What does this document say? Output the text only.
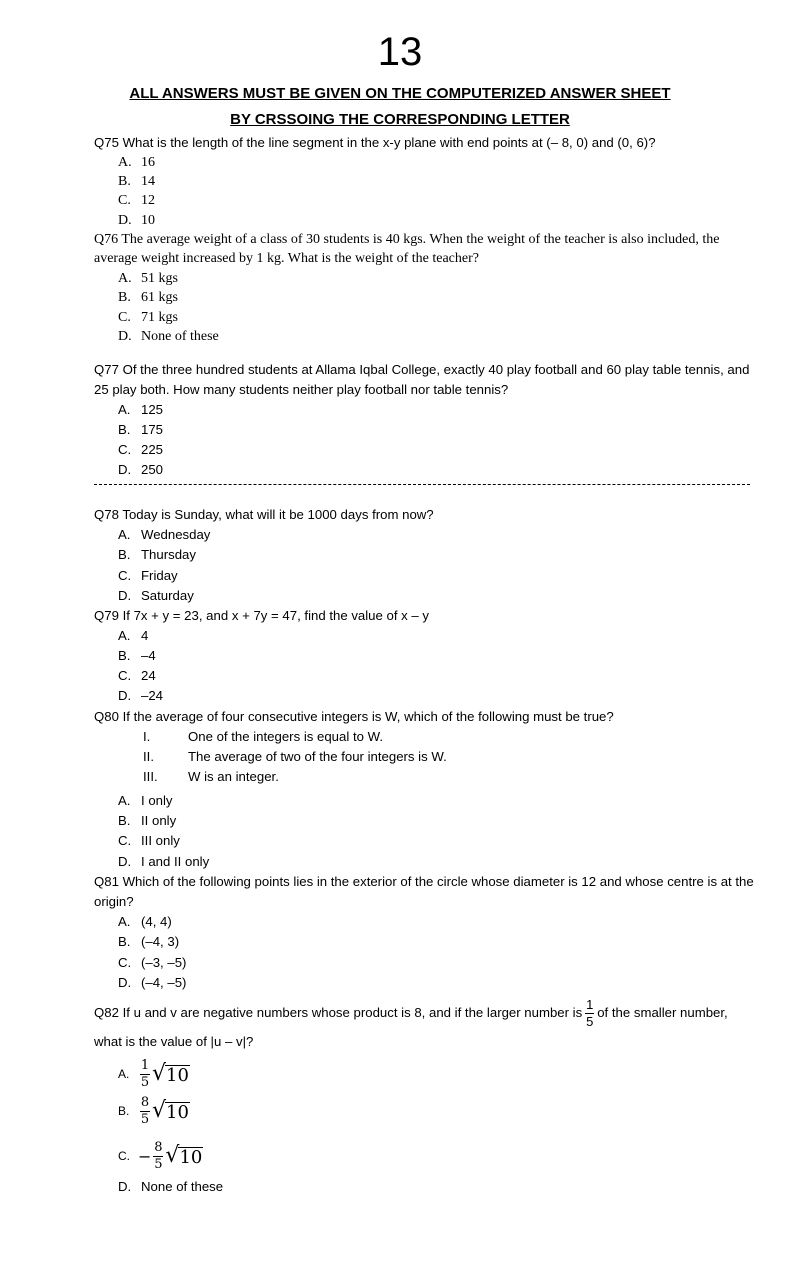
13
ALL ANSWERS MUST BE GIVEN ON THE COMPUTERIZED ANSWER SHEET
BY CRSSOING THE CORRESPONDING LETTER
Q75 What is the length of the line segment in the x-y plane with end points at (– 8, 0) and (0, 6)?
A. 16
B. 14
C. 12
D. 10
Q76 The average weight of a class of 30 students is 40 kgs. When the weight of the teacher is also included, the average weight increased by 1 kg. What is the weight of the teacher?
A. 51 kgs
B. 61 kgs
C. 71 kgs
D. None of these
Q77 Of the three hundred students at Allama Iqbal College, exactly 40 play football and 60 play table tennis, and 25 play both. How many students neither play football nor table tennis?
A. 125
B. 175
C. 225
D. 250
Q78 Today is Sunday, what will it be 1000 days from now?
A. Wednesday
B. Thursday
C. Friday
D. Saturday
Q79 If 7x + y = 23, and x + 7y = 47, find the value of x – y
A. 4
B. –4
C. 24
D. –24
Q80 If the average of four consecutive integers is W, which of the following must be true?
I.	One of the integers is equal to W.
II.	The average of two of the four integers is W.
III. W is an integer.
A. I only
B. II only
C. III only
D. I and II only
Q81 Which of the following points lies in the exterior of the circle whose diameter is 12 and whose centre is at the origin?
A. (4, 4)
B. (–4, 3)
C. (–3, –5)
D. (–4, –5)
Q82 If u and v are negative numbers whose product is 8, and if the larger number is $\frac{1}{5}$ of the smaller number,
what is the value of |u – v|?
A.
1
5 √ 10
B.
8
5 √ 10
C. − 8
5 √ 10
D. None of these
